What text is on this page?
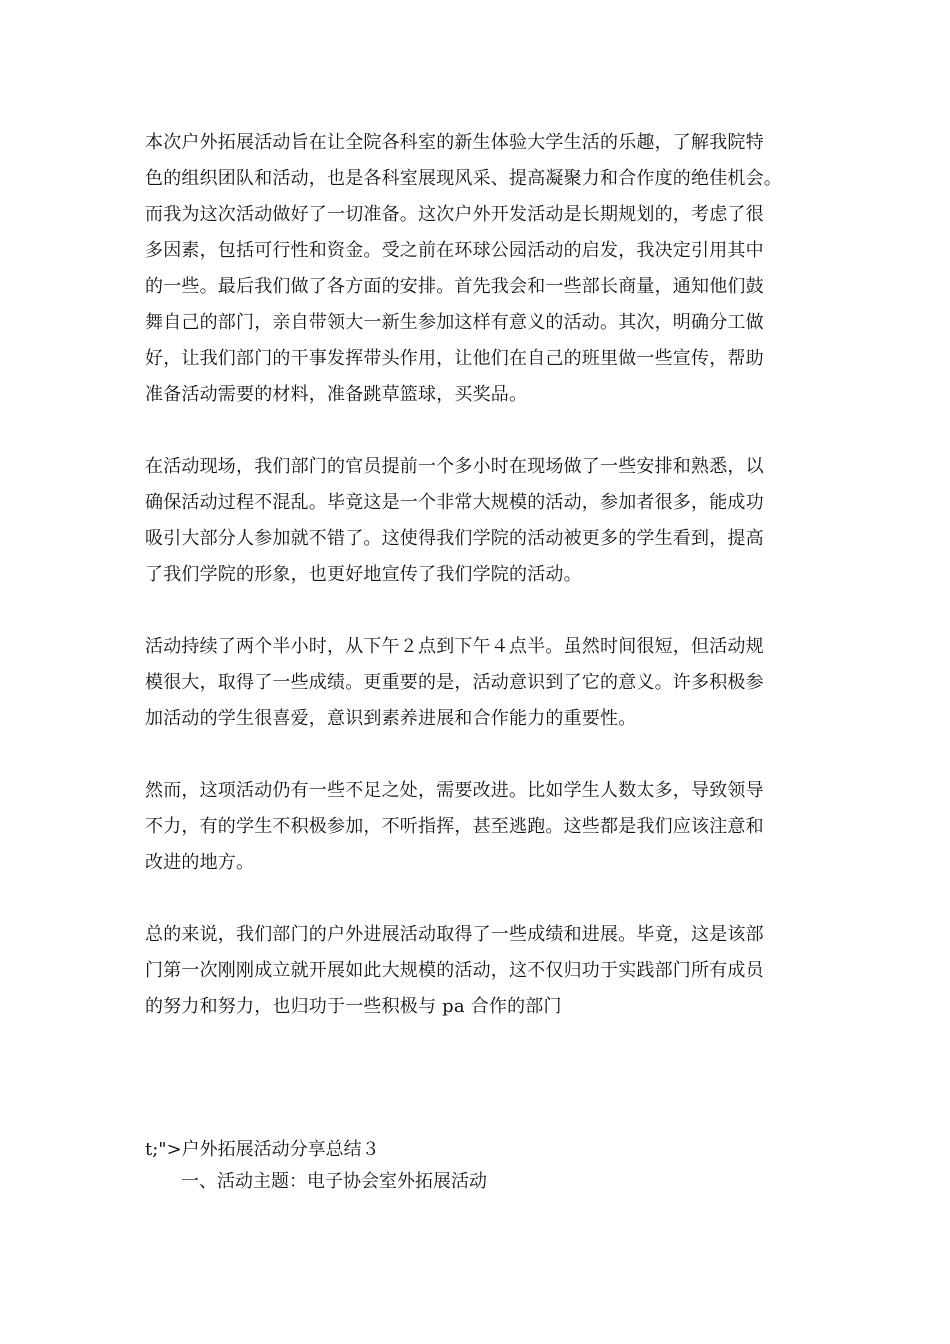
本次户外拓展活动旨在让全院各科室的新生体验大学生活的乐趣，了解我院特
色的组织团队和活动，也是各科室展现风采、提高凝聚力和合作度的绝佳机会。
而我为这次活动做好了一切准备。这次户外开发活动是长期规划的，考虑了很
多因素，包括可行性和资金。受之前在环球公园活动的启发，我决定引用其中
的一些。最后我们做了各方面的安排。首先我会和一些部长商量，通知他们鼓
舞自己的部门，亲自带领大一新生参加这样有意义的活动。其次，明确分工做
好，让我们部门的干事发挥带头作用，让他们在自己的班里做一些宣传，帮助
准备活动需要的材料，准备跳草篮球，买奖品。
在活动现场，我们部门的官员提前一个多小时在现场做了一些安排和熟悉，以
确保活动过程不混乱。毕竟这是一个非常大规模的活动，参加者很多，能成功
吸引大部分人参加就不错了。这使得我们学院的活动被更多的学生看到，提高
了我们学院的形象，也更好地宣传了我们学院的活动。
活动持续了两个半小时，从下午２点到下午４点半。虽然时间很短，但活动规
模很大，取得了一些成绩。更重要的是，活动意识到了它的意义。许多积极参
加活动的学生很喜爱，意识到素养进展和合作能力的重要性。
然而，这项活动仍有一些不足之处，需要改进。比如学生人数太多，导致领导
不力，有的学生不积极参加，不听指挥，甚至逃跑。这些都是我们应该注意和
改进的地方。
总的来说，我们部门的户外进展活动取得了一些成绩和进展。毕竟，这是该部
门第一次刚刚成立就开展如此大规模的活动，这不仅归功于实践部门所有成员
的努力和努力，也归功于一些积极与 pa 合作的部门
t;">户外拓展活动分享总结３
一、活动主题：电子协会室外拓展活动
